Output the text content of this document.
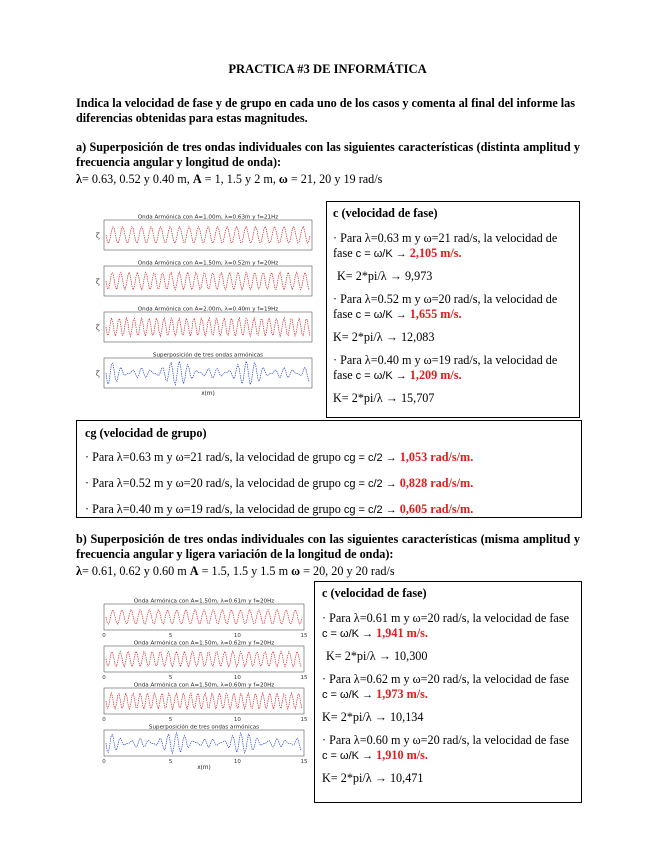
PRACTICA #3 DE INFORMÁTICA
Indica la velocidad de fase y de grupo en cada uno de los casos y comenta al final del informe las diferencias obtenidas para estas magnitudes.
a) Superposición de tres ondas individuales con las siguientes características (distinta amplitud y frecuencia angular y longitud de onda):
λ= 0.63, 0.52 y 0.40 m, A = 1, 1.5 y 2 m, ω = 21, 20 y 19 rad/s
Onda Armónica con A=1.00m, λ=0.63m y f=21Hz
ζ
Onda Armónica con A=1.50m, λ=0.52m y f=20Hz
ζ
Onda Armónica con A=2.00m, λ=0.40m y f=19Hz
ζ
Superposición de tres ondas armónicas
ζ
x(m)

c (velocidad de fase)

· Para λ=0.63 m y ω=21 rad/s, la velocidad de fase c = ω/K → 2,105 m/s.

K= 2*pi/λ → 9,973

· Para λ=0.52 m y ω=20 rad/s, la velocidad de fase c = ω/K → 1,655 m/s.

K= 2*pi/λ → 12,083

· Para λ=0.40 m y ω=19 rad/s, la velocidad de fase c = ω/K → 1,209 m/s.

K= 2*pi/λ → 15,707

cg (velocidad de grupo)

· Para λ=0.63 m y ω=21 rad/s, la velocidad de grupo cg = c/2 → 1,053 rad/s/m.

· Para λ=0.52 m y ω=20 rad/s, la velocidad de grupo cg = c/2 → 0,828 rad/s/m.

· Para λ=0.40 m y ω=19 rad/s, la velocidad de grupo cg = c/2 → 0,605 rad/s/m.

b) Superposición de tres ondas individuales con las siguientes características (misma amplitud y frecuencia angular y ligera variación de la longitud de onda):
λ= 0.61, 0.62 y 0.60 m A = 1.5, 1.5 y 1.5 m ω = 20, 20 y 20 rad/s
Onda Armónica con A=1.50m, λ=0.61m y f=20Hz
0	5	10	15
Onda Armónica con A=1.50m, λ=0.62m y f=20Hz
0	5	10	15
Onda Armónica con A=1.50m, λ=0.60m y f=20Hz
0	5	10	15
Superposición de tres ondas armónicas
0	5	10	15
x(m)

c (velocidad de fase)

· Para λ=0.61 m y ω=20 rad/s, la velocidad de fase c = ω/K → 1,941 m/s.

K= 2*pi/λ → 10,300

· Para λ=0.62 m y ω=20 rad/s, la velocidad de fase c = ω/K → 1,973 m/s.

K= 2*pi/λ → 10,134

· Para λ=0.60 m y ω=20 rad/s, la velocidad de fase c = ω/K → 1,910 m/s.

K= 2*pi/λ → 10,471
